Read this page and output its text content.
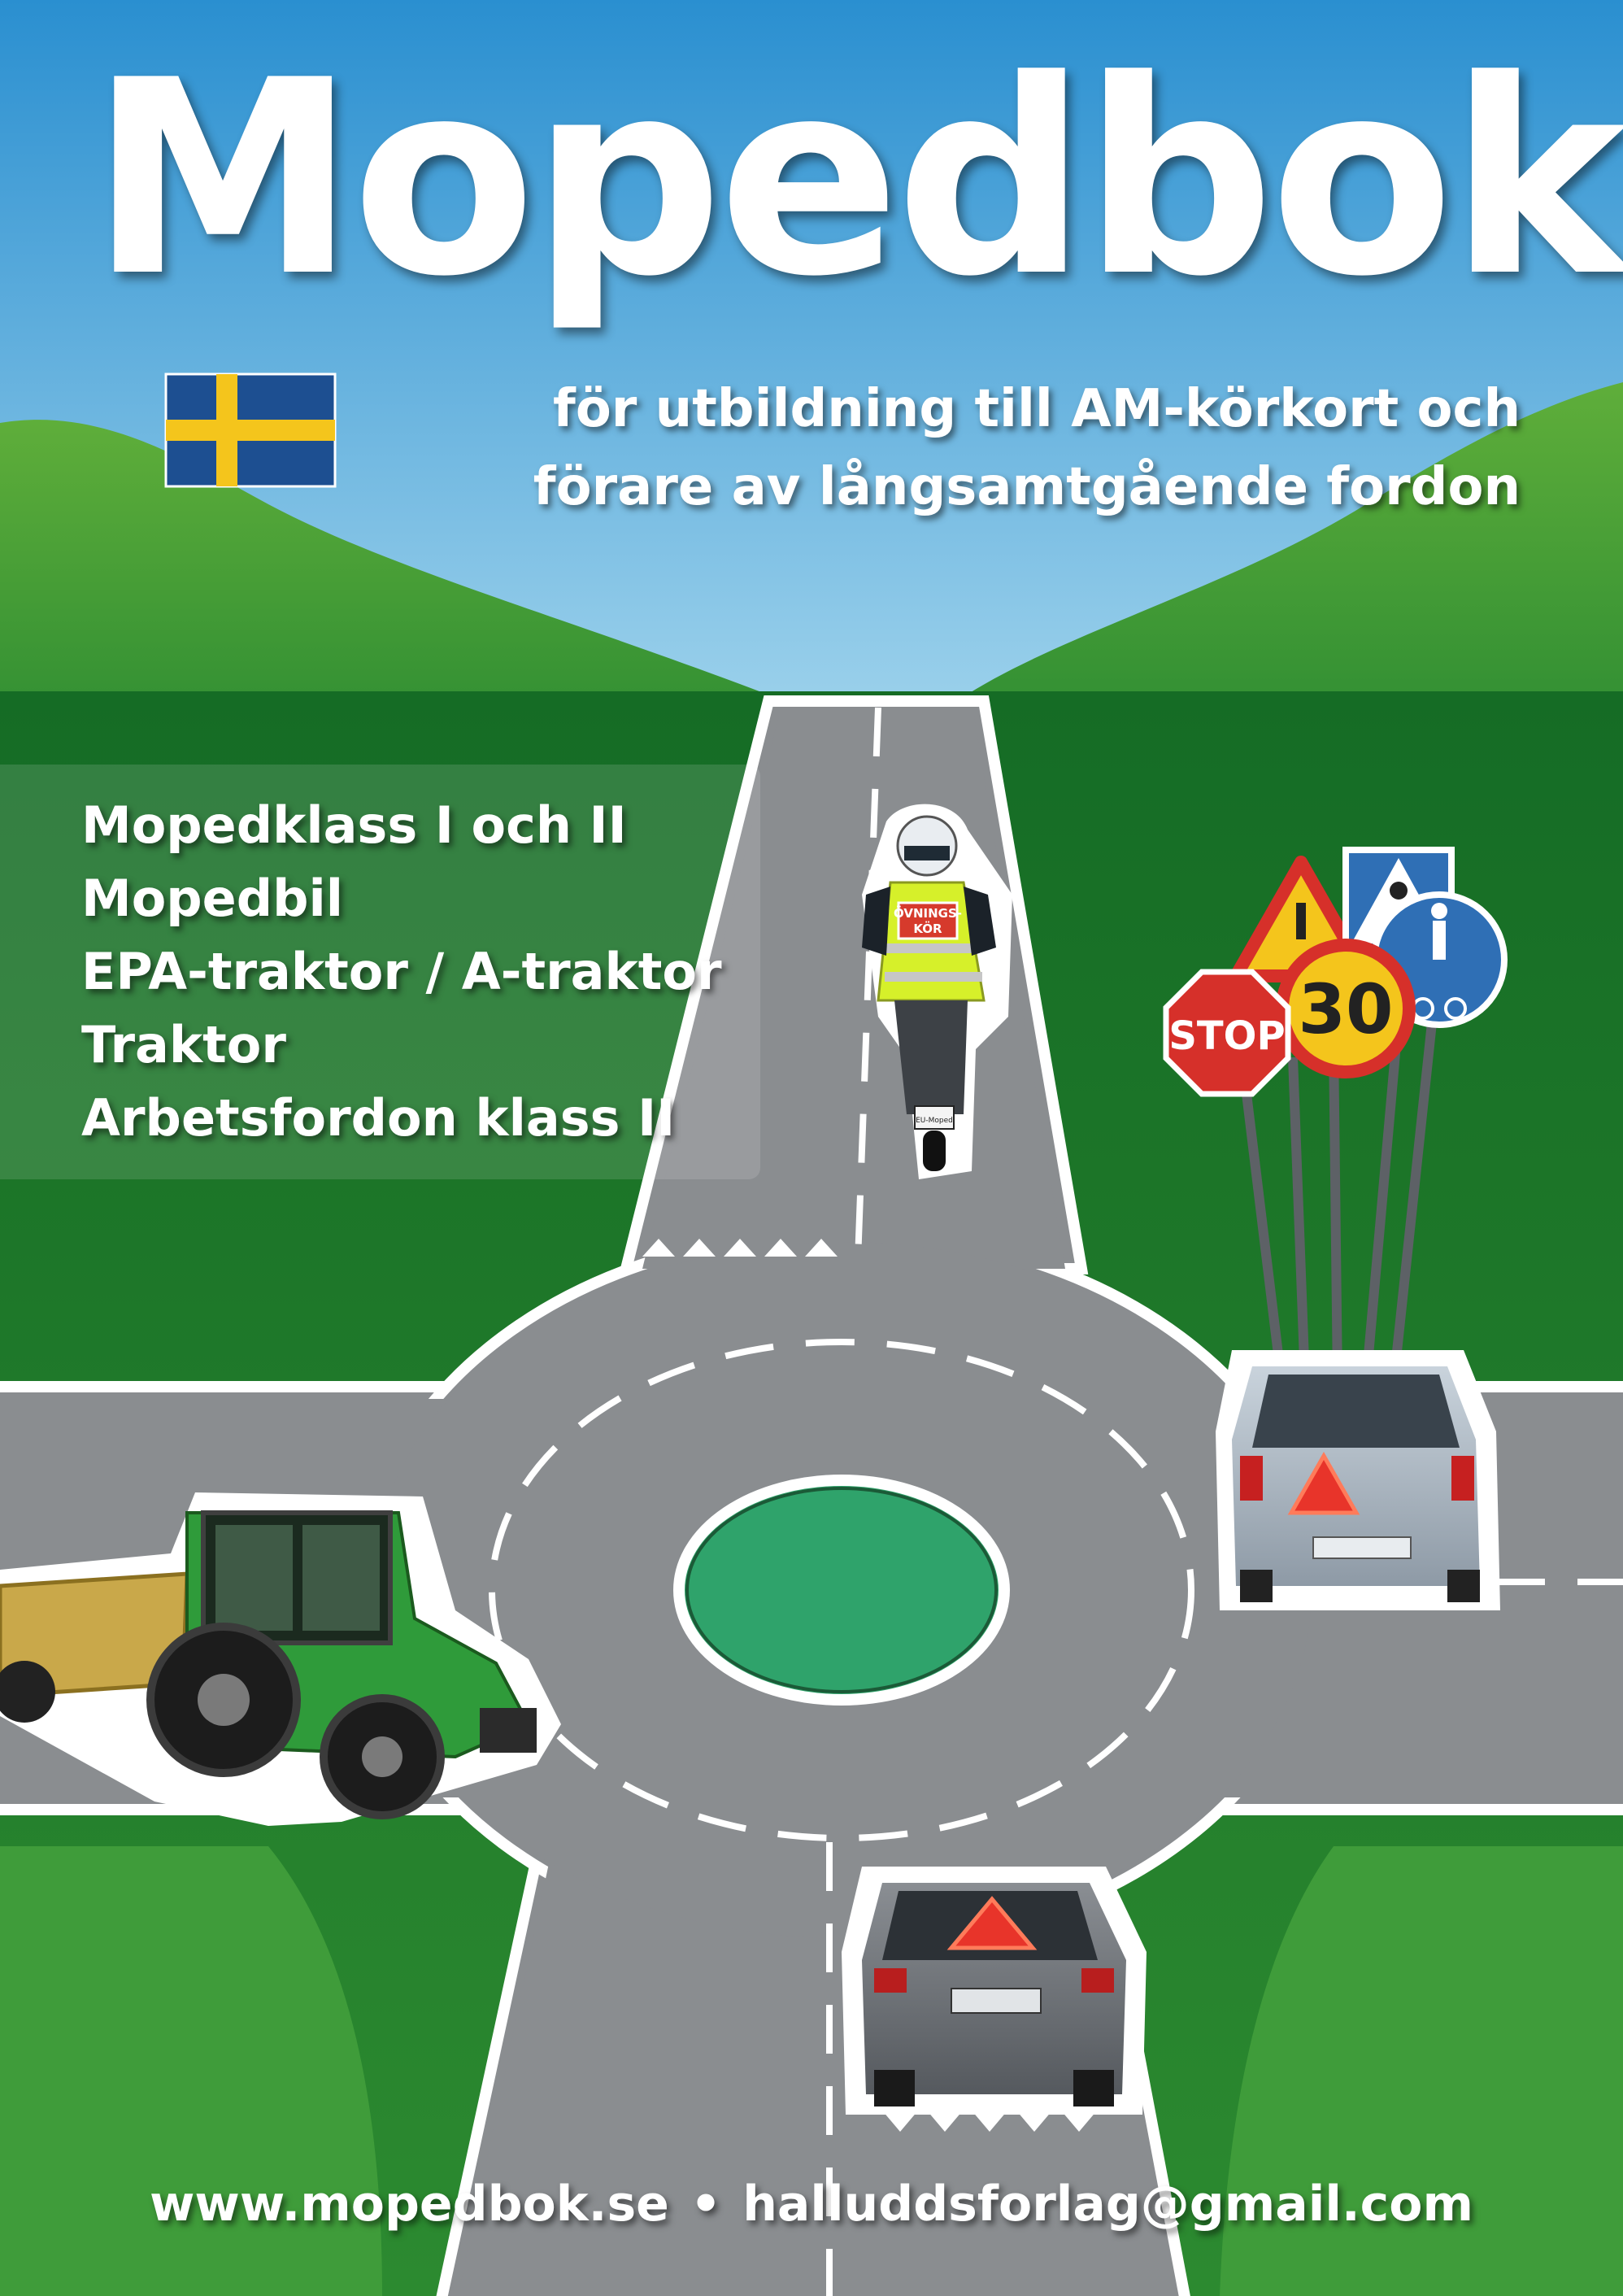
ÖVNINGS-
KÖR
EU-Moped
30
STOP
Mopedbok
för utbildning till AM-körkort och
förare av långsamtgående fordon
Mopedklass I och II
Mopedbil
EPA-traktor / A-traktor
Traktor
Arbetsfordon klass II
www.mopedbok.se • halluddsforlag@gmail.com
